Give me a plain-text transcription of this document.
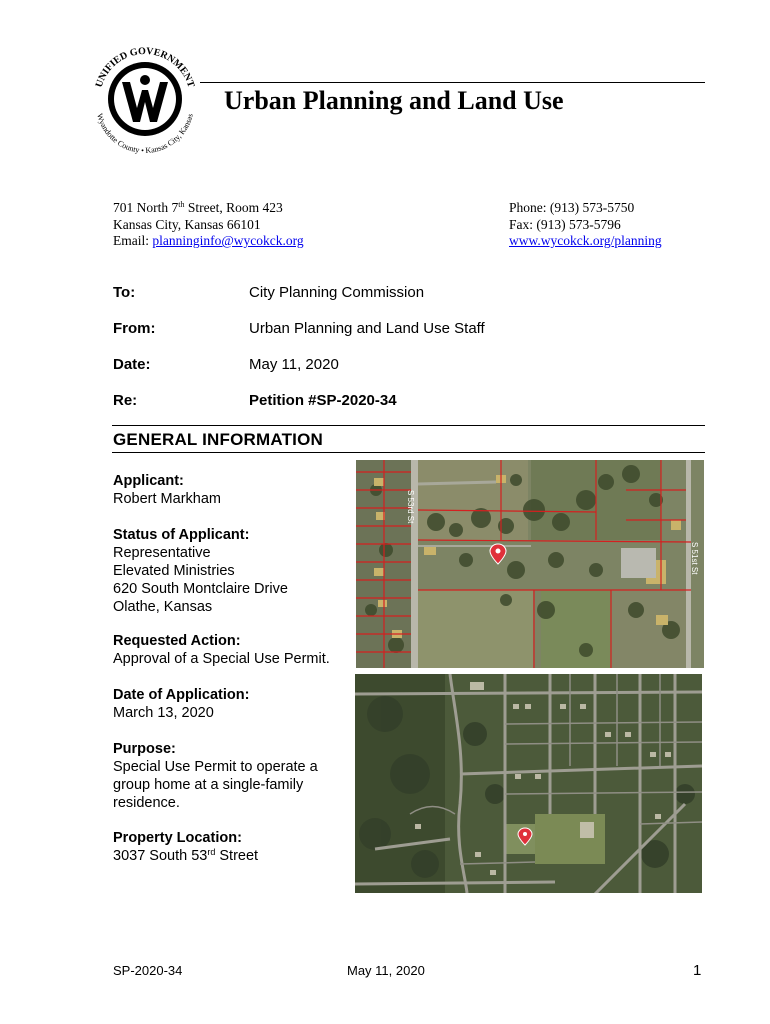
UNIFIED GOVERNMENT
Wyandotte County • Kansas City, Kansas
Urban Planning and Land Use
701 North 7th Street, Room 423
Kansas City, Kansas 66101
Email: planninginfo@wycokck.org
Phone: (913) 573-5750
Fax: (913) 573-5796
www.wycokck.org/planning
To:	City Planning Commission
From:	Urban Planning and Land Use Staff
Date:	May 11, 2020
Re:	Petition #SP-2020-34
GENERAL INFORMATION
Applicant:
Robert Markham
Status of Applicant:
Representative
Elevated Ministries
620 South Montclaire Drive
Olathe, Kansas
Requested Action:
Approval of a Special Use Permit.
Date of Application:
March 13, 2020
Purpose:
Special Use Permit to operate a
group home at a single-family
residence.
Property Location:
3037 South 53rd Street
S 53rd St
S 51st St
SP-2020-34	May 11, 2020	1
